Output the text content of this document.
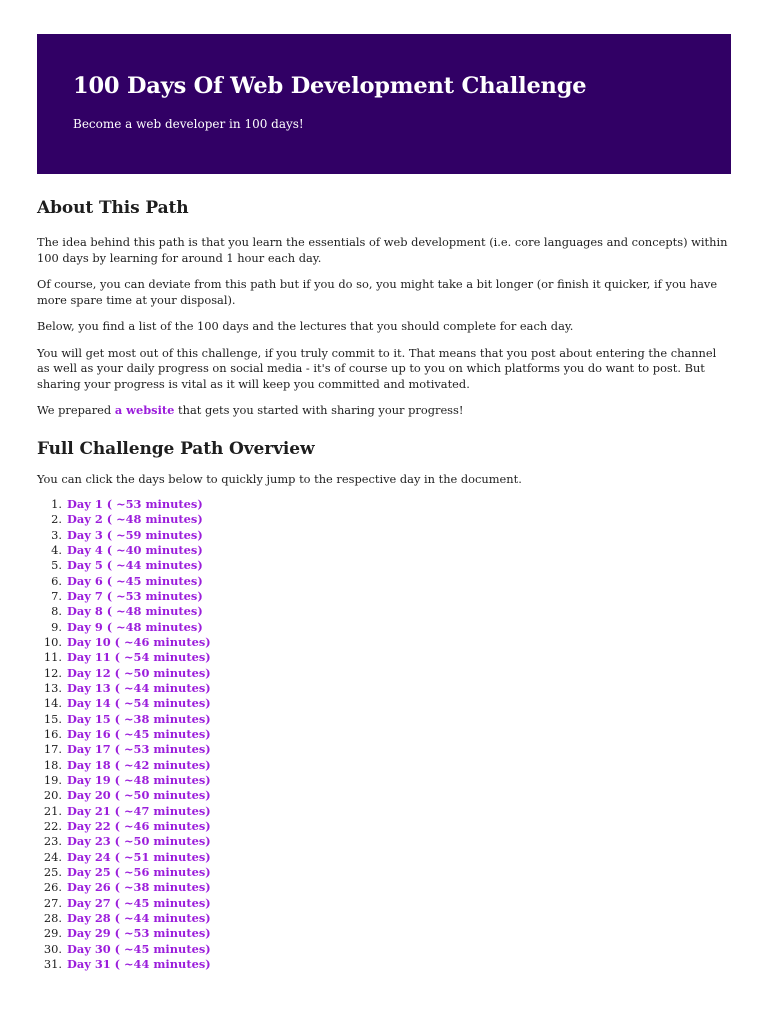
100 Days Of Web Development Challenge

Become a web developer in 100 days!

About This Path

The idea behind this path is that you learn the essentials of web development (i.e. core languages and concepts) within 100 days by learning for around 1 hour each day.

Of course, you can deviate from this path but if you do so, you might take a bit longer (or finish it quicker, if you have more spare time at your disposal).

Below, you find a list of the 100 days and the lectures that you should complete for each day.

You will get most out of this challenge, if you truly commit to it. That means that you post about entering the channel as well as your daily progress on social media - it's of course up to you on which platforms you do want to post. But sharing your progress is vital as it will keep you committed and motivated.

We prepared a website that gets you started with sharing your progress!

Full Challenge Path Overview

You can click the days below to quickly jump to the respective day in the document.

1. Day 1 ( ~53 minutes)
2. Day 2 ( ~48 minutes)
3. Day 3 ( ~59 minutes)
4. Day 4 ( ~40 minutes)
5. Day 5 ( ~44 minutes)
6. Day 6 ( ~45 minutes)
7. Day 7 ( ~53 minutes)
8. Day 8 ( ~48 minutes)
9. Day 9 ( ~48 minutes)
10. Day 10 ( ~46 minutes)
11. Day 11 ( ~54 minutes)
12. Day 12 ( ~50 minutes)
13. Day 13 ( ~44 minutes)
14. Day 14 ( ~54 minutes)
15. Day 15 ( ~38 minutes)
16. Day 16 ( ~45 minutes)
17. Day 17 ( ~53 minutes)
18. Day 18 ( ~42 minutes)
19. Day 19 ( ~48 minutes)
20. Day 20 ( ~50 minutes)
21. Day 21 ( ~47 minutes)
22. Day 22 ( ~46 minutes)
23. Day 23 ( ~50 minutes)
24. Day 24 ( ~51 minutes)
25. Day 25 ( ~56 minutes)
26. Day 26 ( ~38 minutes)
27. Day 27 ( ~45 minutes)
28. Day 28 ( ~44 minutes)
29. Day 29 ( ~53 minutes)
30. Day 30 ( ~45 minutes)
31. Day 31 ( ~44 minutes)
